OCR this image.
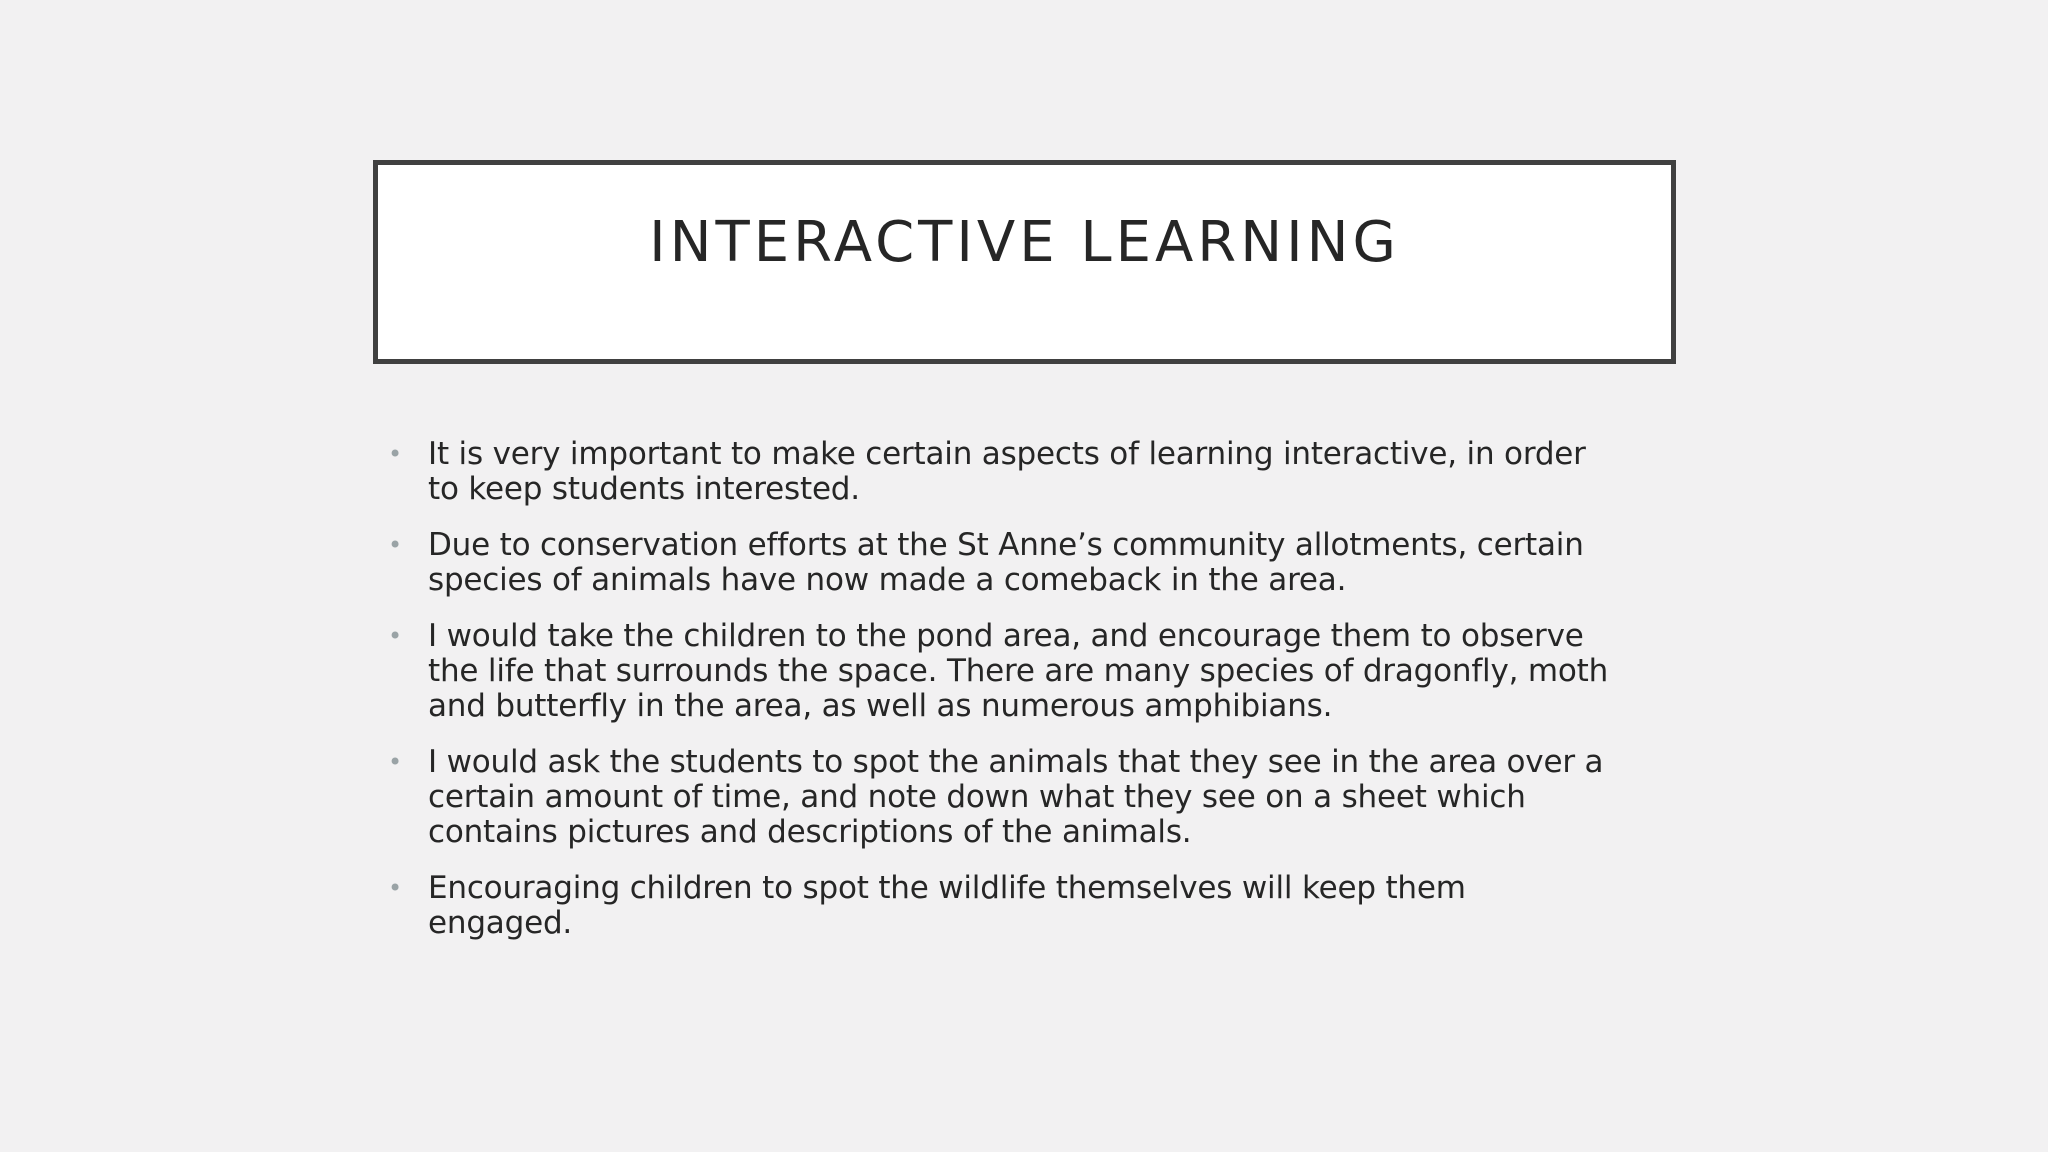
INTERACTIVE LEARNING
• It is very important to make certain aspects of learning interactive, in order
to keep students interested.
• Due to conservation efforts at the St Anne’s community allotments, certain
species of animals have now made a comeback in the area.
• I would take the children to the pond area, and encourage them to observe
the life that surrounds the space. There are many species of dragonfly, moth
and butterfly in the area, as well as numerous amphibians.
• I would ask the students to spot the animals that they see in the area over a
certain amount of time, and note down what they see on a sheet which
contains pictures and descriptions of the animals.
• Encouraging children to spot the wildlife themselves will keep them
engaged.
